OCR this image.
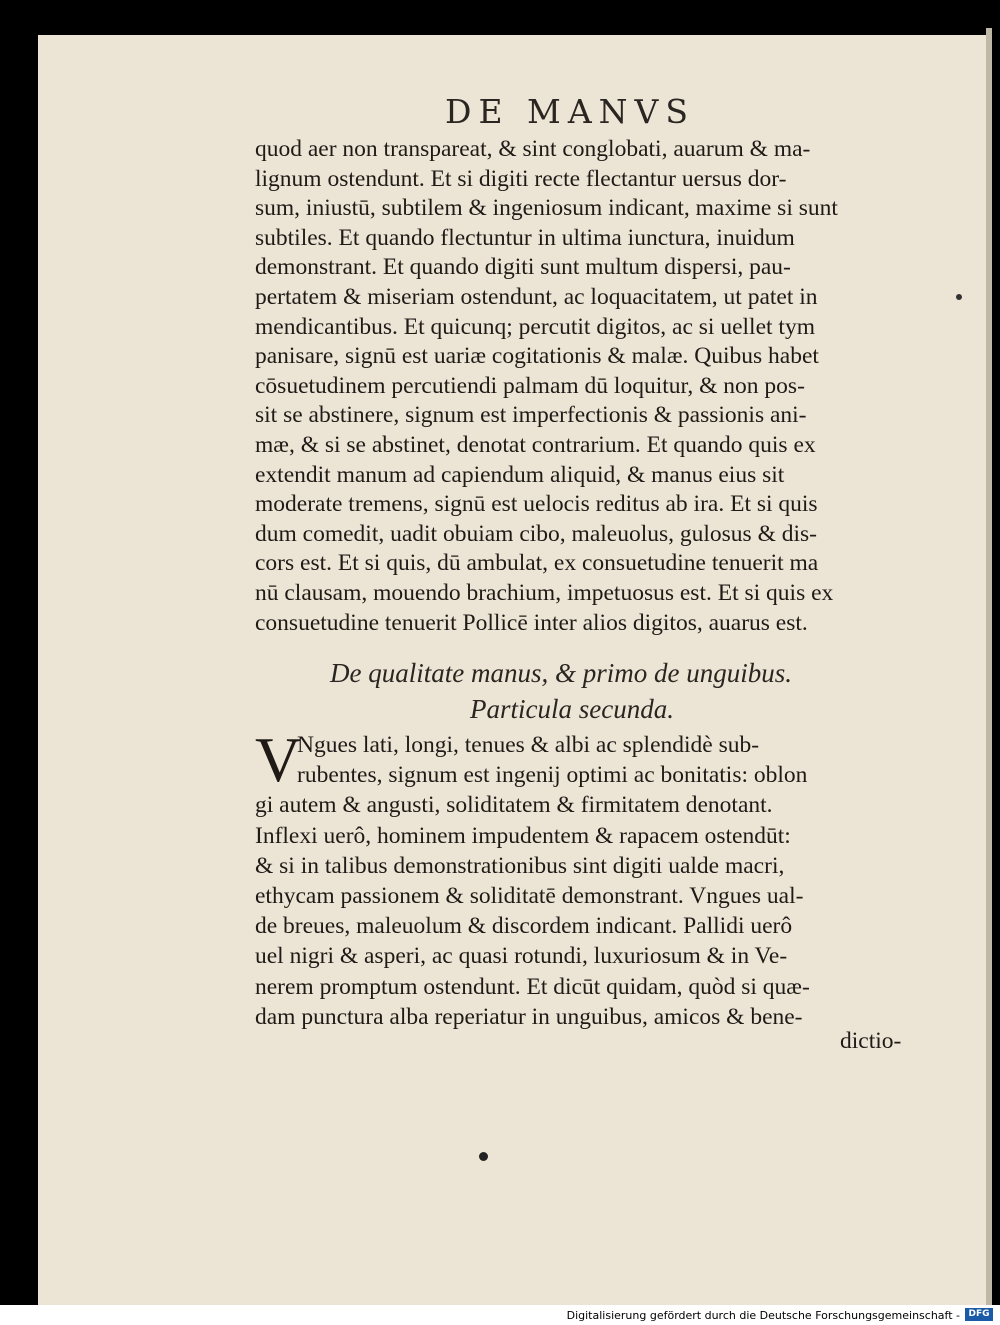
DE MANVS
quod aer non transpareat, & sint conglobati, auarum & ma-
lignum ostendunt. Et si digiti recte flectantur uersus dor-
sum, iniustū, subtilem & ingeniosum indicant, maxime si sunt
subtiles. Et quando flectuntur in ultima iunctura, inuidum
demonstrant. Et quando digiti sunt multum dispersi, pau-
pertatem & miseriam ostendunt, ac loquacitatem, ut patet in
mendicantibus. Et quicunq; percutit digitos, ac si uellet tym
panisare, signū est uariæ cogitationis & malæ. Quibus habet
cōsuetudinem percutiendi palmam dū loquitur, & non pos-
sit se abstinere, signum est imperfectionis & passionis ani-
mæ, & si se abstinet, denotat contrarium. Et quando quis ex
extendit manum ad capiendum aliquid, & manus eius sit
moderate tremens, signū est uelocis reditus ab ira. Et si quis
dum comedit, uadit obuiam cibo, maleuolus, gulosus & dis-
cors est. Et si quis, dū ambulat, ex consuetudine tenuerit ma
nū clausam, mouendo brachium, impetuosus est. Et si quis ex
consuetudine tenuerit Pollicē inter alios digitos, auarus est.
De qualitate manus, & primo de unguibus.
Particula secunda.
V
Ngues lati, longi, tenues & albi ac splendidè sub-
rubentes, signum est ingenij optimi ac bonitatis: oblon
gi autem & angusti, soliditatem & firmitatem denotant.
Inflexi uerô, hominem impudentem & rapacem ostendūt:
& si in talibus demonstrationibus sint digiti ualde macri,
ethycam passionem & soliditatē demonstrant. Vngues ual-
de breues, maleuolum & discordem indicant. Pallidi uerô
uel nigri & asperi, ac quasi rotundi, luxuriosum & in Ve-
nerem promptum ostendunt. Et dicūt quidam, quòd si quæ-
dam punctura alba reperiatur in unguibus, amicos & bene-
dictio-
Digitalisierung gefördert durch die Deutsche Forschungsgemeinschaft - DFG
